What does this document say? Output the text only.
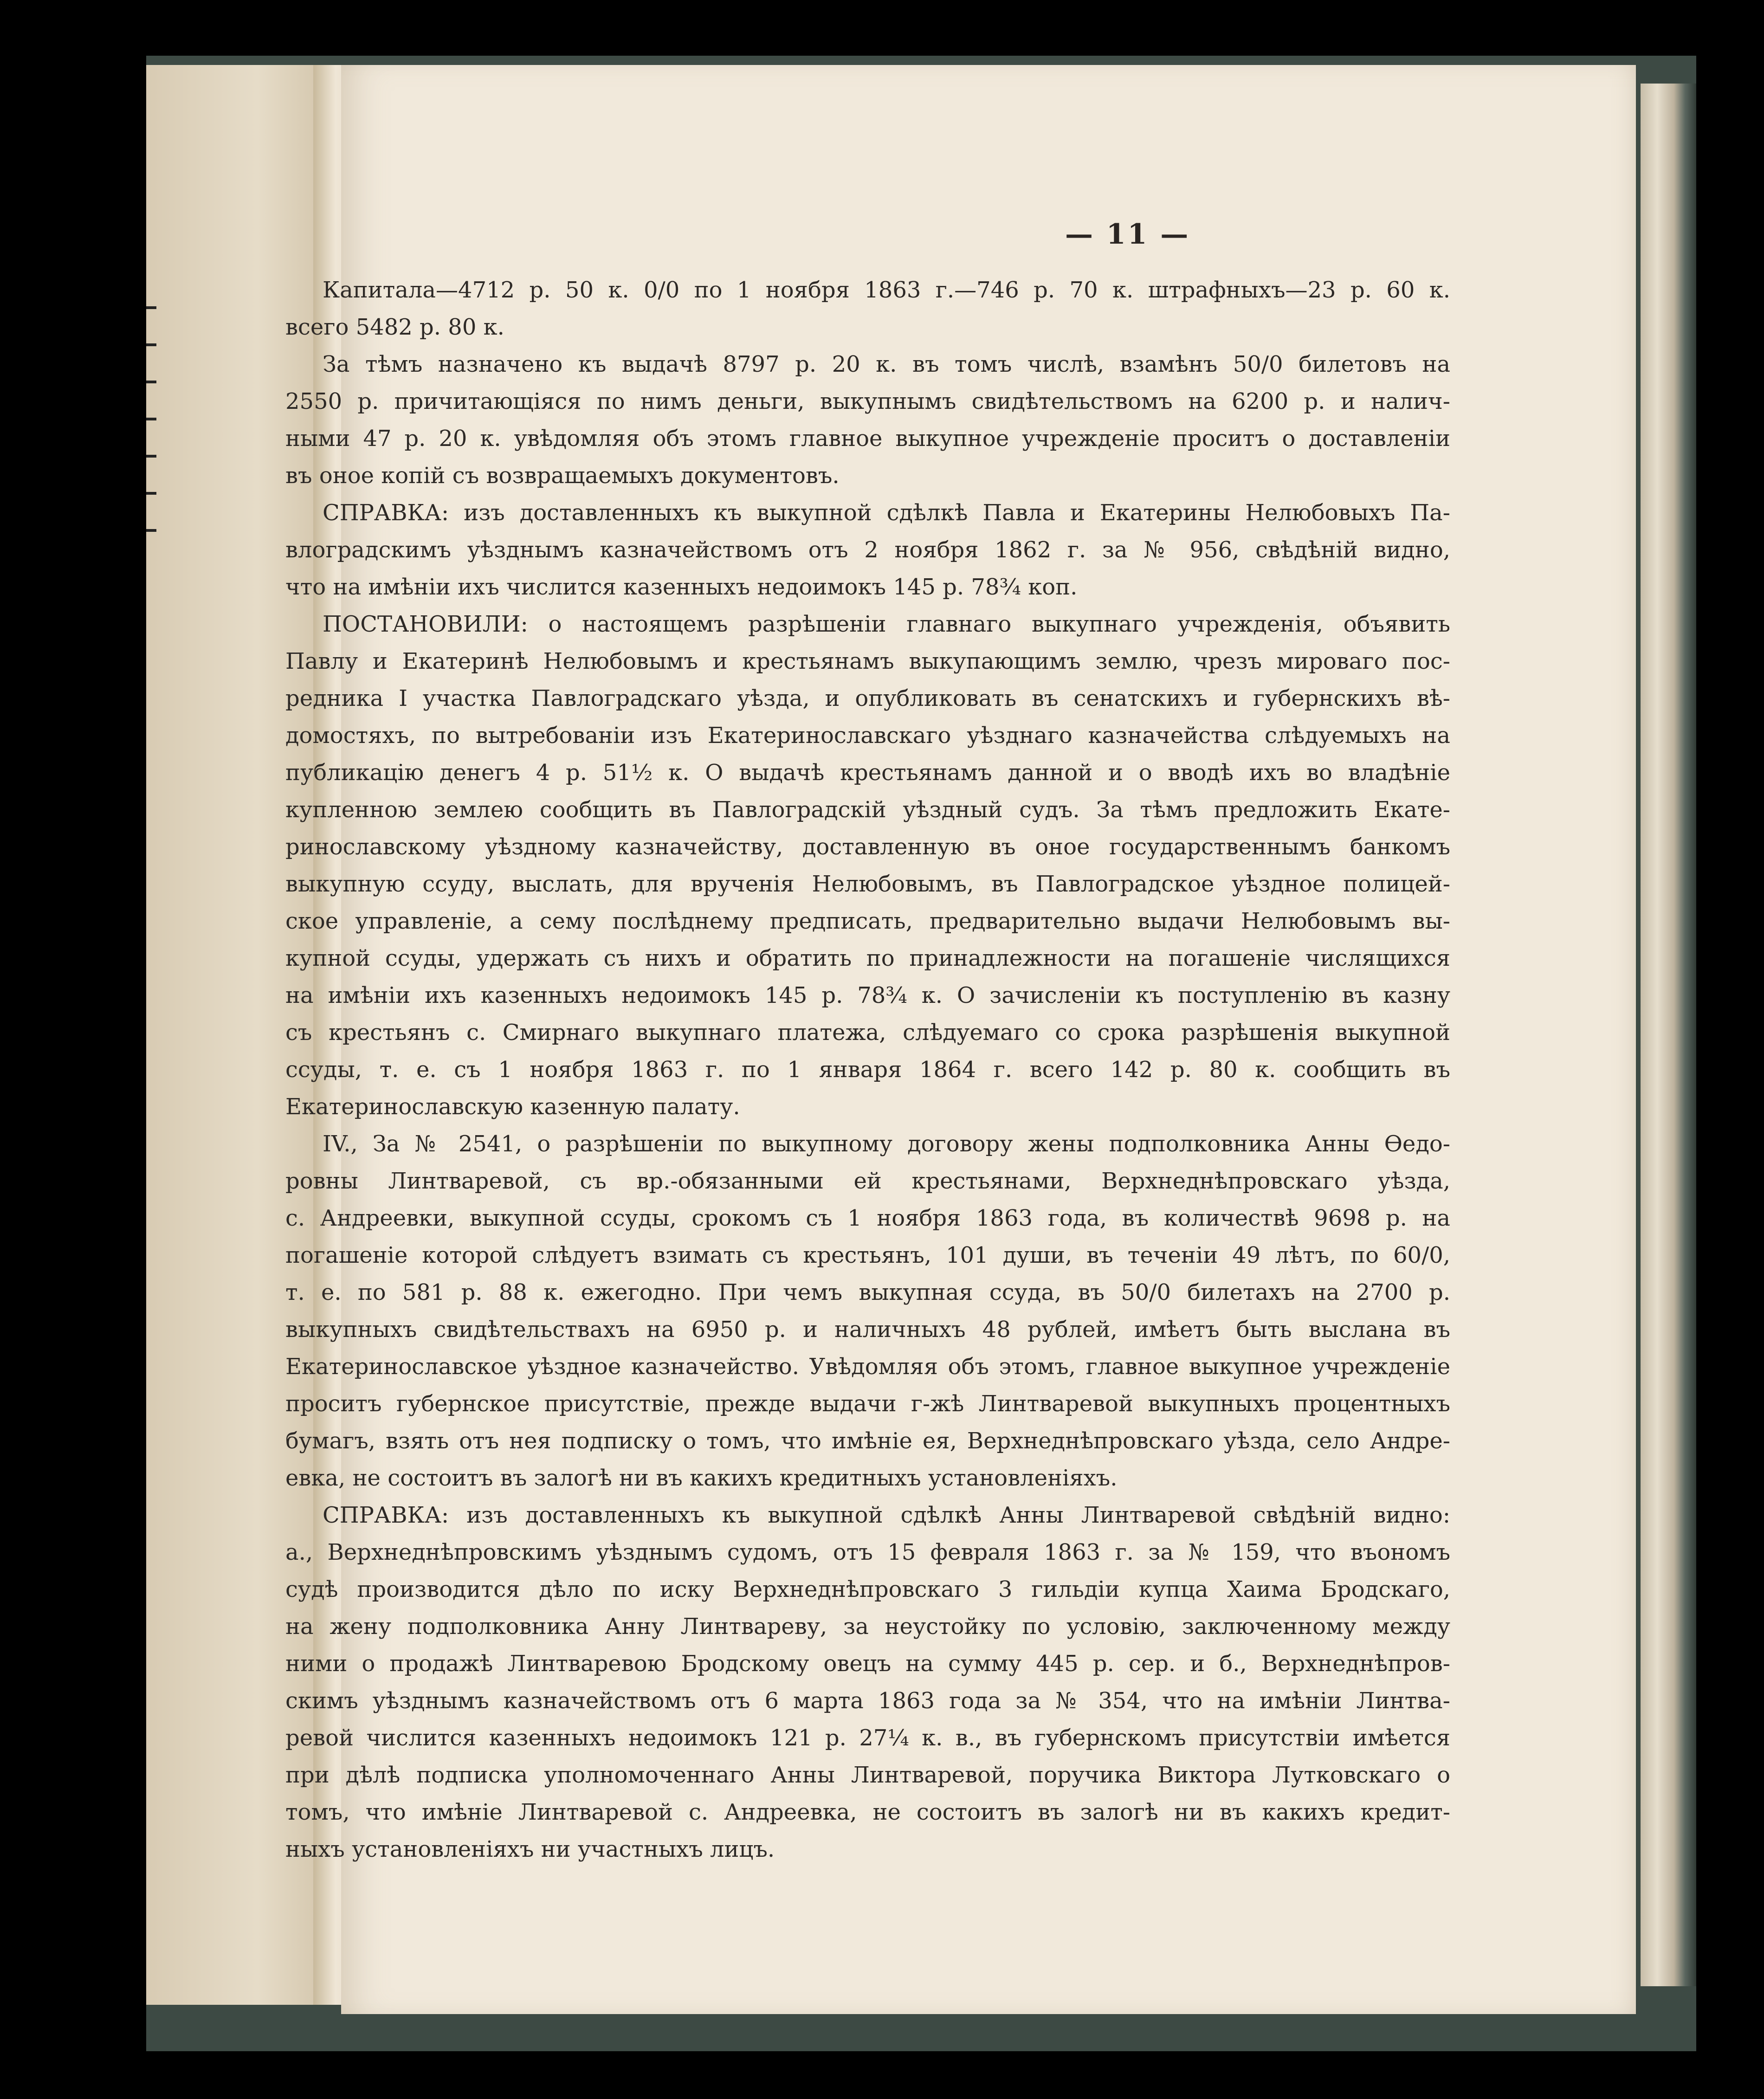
— 11 —
Капитала—4712 р. 50 к. 0/0 по 1 ноября 1863 г.—746 р. 70 к. штрафныхъ—23 р. 60 к.
всего 5482 р. 80 к.
За тѣмъ назначено къ выдачѣ 8797 р. 20 к. въ томъ числѣ, взамѣнъ 50/0 билетовъ на
2550 р. причитающіяся по нимъ деньги, выкупнымъ свидѣтельствомъ на 6200 р. и налич-
ными 47 р. 20 к. увѣдомляя объ этомъ главное выкупное учрежденіе проситъ о доставленіи
въ оное копій съ возвращаемыхъ документовъ.
СПРАВКА: изъ доставленныхъ къ выкупной сдѣлкѣ Павла и Екатерины Нелюбовыхъ Па-
влоградскимъ уѣзднымъ казначействомъ отъ 2 ноября 1862 г. за № 956, свѣдѣній видно,
что на имѣніи ихъ числится казенныхъ недоимокъ 145 р. 78¾ коп.
ПОСТАНОВИЛИ: о настоящемъ разрѣшеніи главнаго выкупнаго учрежденія, объявить
Павлу и Екатеринѣ Нелюбовымъ и крестьянамъ выкупающимъ землю, чрезъ мироваго пос-
редника I участка Павлоградскаго уѣзда, и опубликовать въ сенатскихъ и губернскихъ вѣ-
домостяхъ, по вытребованіи изъ Екатеринославскаго уѣзднаго казначейства слѣдуемыхъ на
публикацію денегъ 4 р. 51½ к. О выдачѣ крестьянамъ данной и о вводѣ ихъ во владѣніе
купленною землею сообщить въ Павлоградскій уѣздный судъ. За тѣмъ предложить Екате-
ринославскому уѣздному казначейству, доставленную въ оное государственнымъ банкомъ
выкупную ссуду, выслать, для врученія Нелюбовымъ, въ Павлоградское уѣздное полицей-
ское управленіе, а сему послѣднему предписать, предварительно выдачи Нелюбовымъ вы-
купной ссуды, удержать съ нихъ и обратить по принадлежности на погашеніе числящихся
на имѣніи ихъ казенныхъ недоимокъ 145 р. 78¾ к. О зачисленіи къ поступленію въ казну
съ крестьянъ с. Смирнаго выкупнаго платежа, слѣдуемаго со срока разрѣшенія выкупной
ссуды, т. е. съ 1 ноября 1863 г. по 1 января 1864 г. всего 142 р. 80 к. сообщить въ
Екатеринославскую казенную палату.
IV., За № 2541, о разрѣшеніи по выкупному договору жены подполковника Анны Ѳедо-
ровны Линтваревой, съ вр.-обязанными ей крестьянами, Верхнеднѣпровскаго уѣзда,
с. Андреевки, выкупной ссуды, срокомъ съ 1 ноября 1863 года, въ количествѣ 9698 р. на
погашеніе которой слѣдуетъ взимать съ крестьянъ, 101 души, въ теченіи 49 лѣтъ, по 60/0,
т. е. по 581 р. 88 к. ежегодно. При чемъ выкупная ссуда, въ 50/0 билетахъ на 2700 р.
выкупныхъ свидѣтельствахъ на 6950 р. и наличныхъ 48 рублей, имѣетъ быть выслана въ
Екатеринославское уѣздное казначейство. Увѣдомляя объ этомъ, главное выкупное учрежденіе
проситъ губернское присутствіе, прежде выдачи г-жѣ Линтваревой выкупныхъ процентныхъ
бумагъ, взять отъ нея подписку о томъ, что имѣніе ея, Верхнеднѣпровскаго уѣзда, село Андре-
евка, не состоитъ въ залогѣ ни въ какихъ кредитныхъ установленіяхъ.
СПРАВКА: изъ доставленныхъ къ выкупной сдѣлкѣ Анны Линтваревой свѣдѣній видно:
а., Верхнеднѣпровскимъ уѣзднымъ судомъ, отъ 15 февраля 1863 г. за № 159, что въономъ
судѣ производится дѣло по иску Верхнеднѣпровскаго 3 гильдіи купца Хаима Бродскаго,
на жену подполковника Анну Линтвареву, за неустойку по условію, заключенному между
ними о продажѣ Линтваревою Бродскому овецъ на сумму 445 р. сер. и б., Верхнеднѣпров-
скимъ уѣзднымъ казначействомъ отъ 6 марта 1863 года за № 354, что на имѣніи Линтва-
ревой числится казенныхъ недоимокъ 121 р. 27¼ к. в., въ губернскомъ присутствіи имѣется
при дѣлѣ подписка уполномоченнаго Анны Линтваревой, поручика Виктора Лутковскаго о
томъ, что имѣніе Линтваревой с. Андреевка, не состоитъ въ залогѣ ни въ какихъ кредит-
ныхъ установленіяхъ ни участныхъ лицъ.
